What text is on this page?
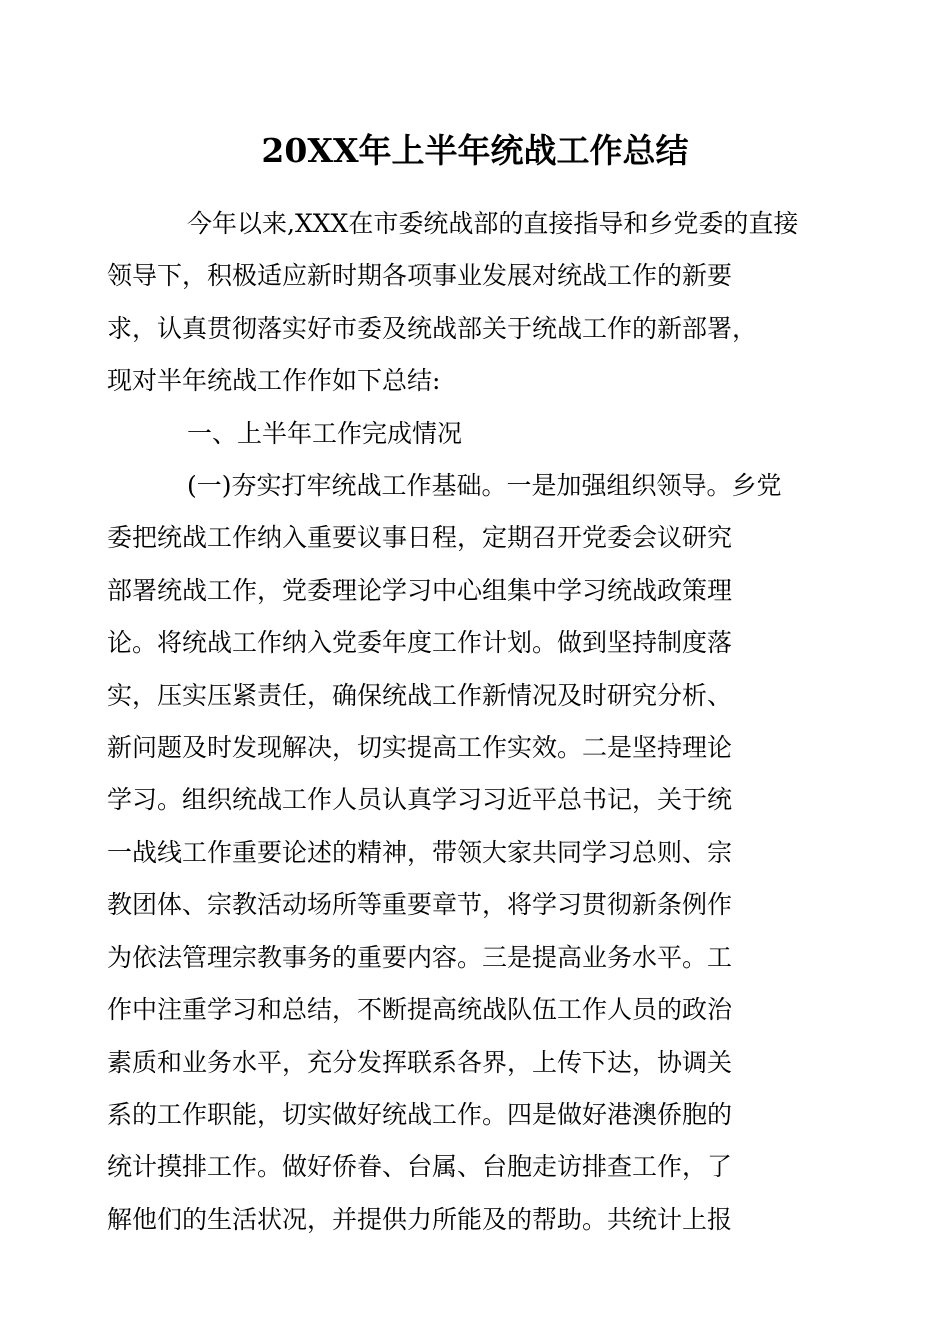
20XX年上半年统战工作总结

今年以来,XXX在市委统战部的直接指导和乡党委的直接
领导下，积极适应新时期各项事业发展对统战工作的新要
求，认真贯彻落实好市委及统战部关于统战工作的新部署，
现对半年统战工作作如下总结:

一、上半年工作完成情况

(一)夯实打牢统战工作基础。一是加强组织领导。乡党
委把统战工作纳入重要议事日程，定期召开党委会议研究
部署统战工作，党委理论学习中心组集中学习统战政策理
论。将统战工作纳入党委年度工作计划。做到坚持制度落
实，压实压紧责任，确保统战工作新情况及时研究分析、
新问题及时发现解决，切实提高工作实效。二是坚持理论
学习。组织统战工作人员认真学习习近平总书记，关于统
一战线工作重要论述的精神，带领大家共同学习总则、宗
教团体、宗教活动场所等重要章节，将学习贯彻新条例作
为依法管理宗教事务的重要内容。三是提高业务水平。工
作中注重学习和总结，不断提高统战队伍工作人员的政治
素质和业务水平，充分发挥联系各界，上传下达，协调关
系的工作职能，切实做好统战工作。四是做好港澳侨胞的
统计摸排工作。做好侨眷、台属、台胞走访排查工作，了
解他们的生活状况，并提供力所能及的帮助。共统计上报
